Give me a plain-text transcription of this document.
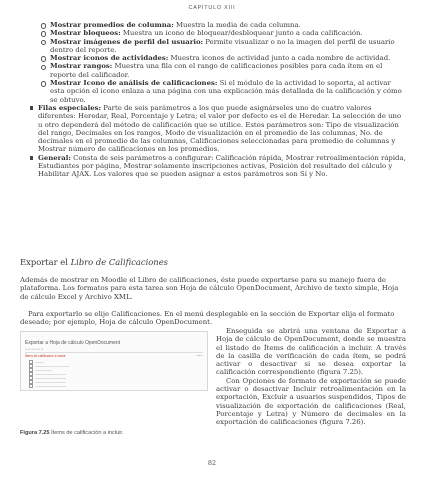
CAPÍTULO XIII
Mostrar promedios de columna: Muestra la media de cada columna.
Mostrar bloqueos: Muestra un icono de bloquear/desbloquear junto a cada calificación.
Mostrar imágenes de perfil del usuario: Permite visualizar o no la imagen del perfil de usuario dentro del reporte.
Mostrar iconos de actividades: Muestra iconos de actividad junto a cada nombre de actividad.
Mostrar rangos: Muestra una fila con el rango de calificaciones posibles para cada ítem en el reporte del calificador.
Mostrar Icono de análisis de calificaciones: Si el módulo de la actividad lo soporta, al activar esta opción el icono enlaza a una página con una explicación más detallada de la calificación y cómo se obtuvo.
Filas especiales: Parte de seis parámetros a los que puede asignárseles uno de cuatro valores diferentes: Heredar, Real, Porcentaje y Letra; el valor por defecto es el de Heredar. La selección de uno u otro dependerá del método de calificación que se utilice. Estos parámetros son: Tipo de visualización del rango, Decimales en los rangos, Modo de visualización en el promedio de las columnas, No. de decimales en el promedio de las columnas, Calificaciones seleccionadas para promedio de columnas y Mostrar número de calificaciones en los promedios.
General: Consta de seis parámetros a configurar: Calificación rápida, Mostrar retroalimentación rápida, Estudiantes por página, Mostrar solamente inscripciones activas, Posición del resultado del cálculo y Habilitar AJAX. Los valores que se pueden asignar a estos parámetros son Sí y No.
Exportar el Libro de Calificaciones
Además de mostrar en Moodle el Libro de calificaciones, éste puede exportarse para su manejo fuera de plataforma. Los formatos para esta tarea son Hoja de cálculo OpenDocument, Archivo de texto simple, Hoja de cálculo Excel y Archivo XML.
Para exportarlo se elije Calificaciones. En el menú desplegable en la sección de Exportar elija el formato deseado; por ejemplo, Hoja de cálculo OpenDocument.
· · · · · · · · · · ·
Exportar a Hoja de cálculo OpenDocument
▭ ▭ ▭ ▭ ▭ ▭
Ítems de calificación a incluir	▸ ▸ ▸
─────
────────────────────
──────────
──────────────────
──────────────────
──────────────────
──────────────────
Enseguida se abrirá una ventana de Exportar a Hoja de cálculo de OpenDocument, donde se muestra el listado de Ítems de calificación a incluir. A través de la casilla de verificación de cada ítem, se podrá activar o desactivar si se desea exportar la calificación correspondiente (figura 7.25).
Con Opciones de formato de exportación se puede activar o desactivar Incluir retroalimentación en la exportación, Excluir a usuarios suspendidos, Tipos de visualización de exportación de calificaciones (Real, Porcentaje y Letra) y Número de decimales en la exportación de calificaciones (figura 7.26).
Figura 7.25 Ítems de calificación a incluir.
82
